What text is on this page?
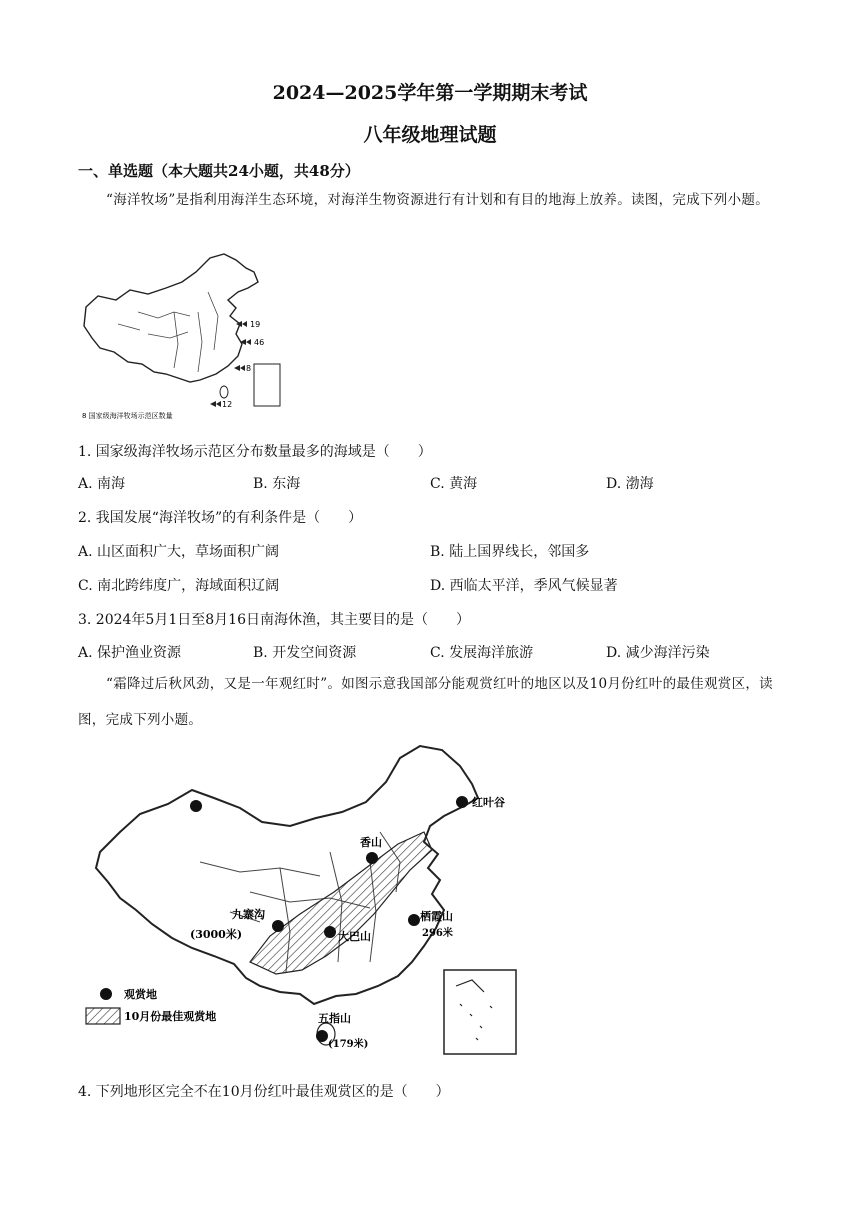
2024—2025学年第一学期期末考试
八年级地理试题
一、单选题（本大题共24小题，共48分）
“海洋牧场”是指利用海洋生态环境，对海洋生物资源进行有计划和有目的地海上放养。读图，完成下列小题。
19
46
8
12
8 国家级海洋牧场示范区数量
1. 国家级海洋牧场示范区分布数量最多的海域是（　　）
A. 南海	B. 东海	C. 黄海	D. 渤海
2. 我国发展“海洋牧场”的有利条件是（　　）
A. 山区面积广大，草场面积广阔	B. 陆上国界线长，邻国多
C. 南北跨纬度广，海域面积辽阔	D. 西临太平洋，季风气候显著
3. 2024年5月1日至8月16日南海休渔，其主要目的是（　　）
A. 保护渔业资源	B. 开发空间资源	C. 发展海洋旅游	D. 减少海洋污染
“霜降过后秋风劲，又是一年观红时”。如图示意我国部分能观赏红叶的地区以及10月份红叶的最佳观赏区，读图，完成下列小题。
红叶谷
香山
九寨沟
(3000米)	大巴山
栖霞山
296米
五指山
(179米)
观赏地
10月份最佳观赏地
4. 下列地形区完全不在10月份红叶最佳观赏区的是（　　）
